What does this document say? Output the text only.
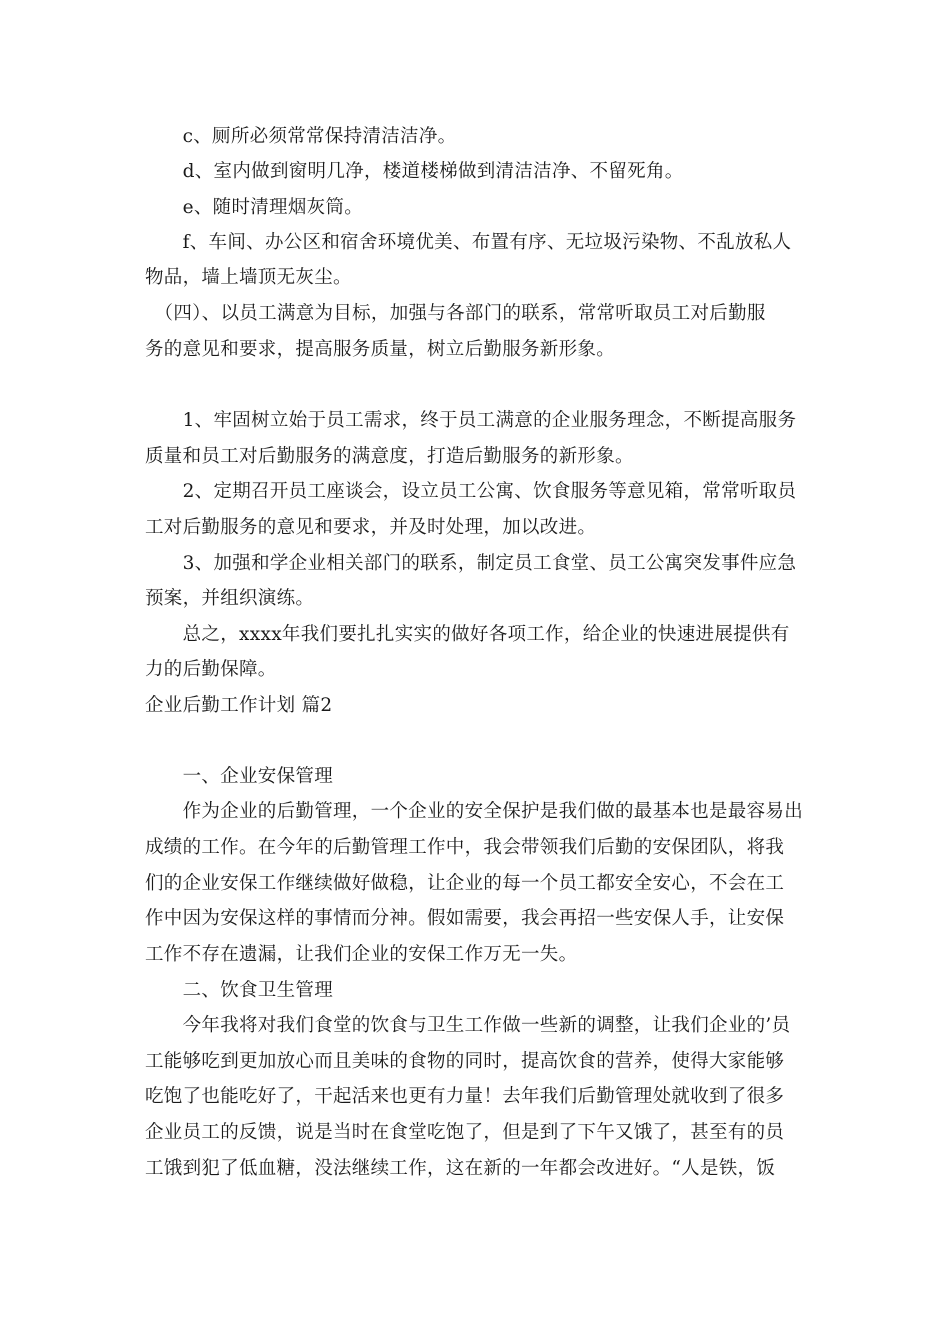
　　c、厕所必须常常保持清洁洁净。
　　d、室内做到窗明几净，楼道楼梯做到清洁洁净、不留死角。
　　e、随时清理烟灰筒。
　　f、车间、办公区和宿舍环境优美、布置有序、无垃圾污染物、不乱放私人
物品，墙上墙顶无灰尘。
　（四）、以员工满意为目标，加强与各部门的联系，常常听取员工对后勤服
务的意见和要求，提高服务质量，树立后勤服务新形象。
　　1、牢固树立始于员工需求，终于员工满意的企业服务理念，不断提高服务
质量和员工对后勤服务的满意度，打造后勤服务的新形象。
　　2、定期召开员工座谈会，设立员工公寓、饮食服务等意见箱，常常听取员
工对后勤服务的意见和要求，并及时处理，加以改进。
　　3、加强和学企业相关部门的联系，制定员工食堂、员工公寓突发事件应急
预案，并组织演练。
　　总之，xxxx年我们要扎扎实实的做好各项工作，给企业的快速进展提供有
力的后勤保障。
企业后勤工作计划 篇2
　　一、企业安保管理
　　作为企业的后勤管理，一个企业的安全保护是我们做的最基本也是最容易出
成绩的工作。在今年的后勤管理工作中，我会带领我们后勤的安保团队，将我
们的企业安保工作继续做好做稳，让企业的每一个员工都安全安心，不会在工
作中因为安保这样的事情而分神。假如需要，我会再招一些安保人手，让安保
工作不存在遗漏，让我们企业的安保工作万无一失。
　　二、饮食卫生管理
　　今年我将对我们食堂的饮食与卫生工作做一些新的调整，让我们企业的’员
工能够吃到更加放心而且美味的食物的同时，提高饮食的营养，使得大家能够
吃饱了也能吃好了，干起活来也更有力量！去年我们后勤管理处就收到了很多
企业员工的反馈，说是当时在食堂吃饱了，但是到了下午又饿了，甚至有的员
工饿到犯了低血糖，没法继续工作，这在新的一年都会改进好。“人是铁，饭
